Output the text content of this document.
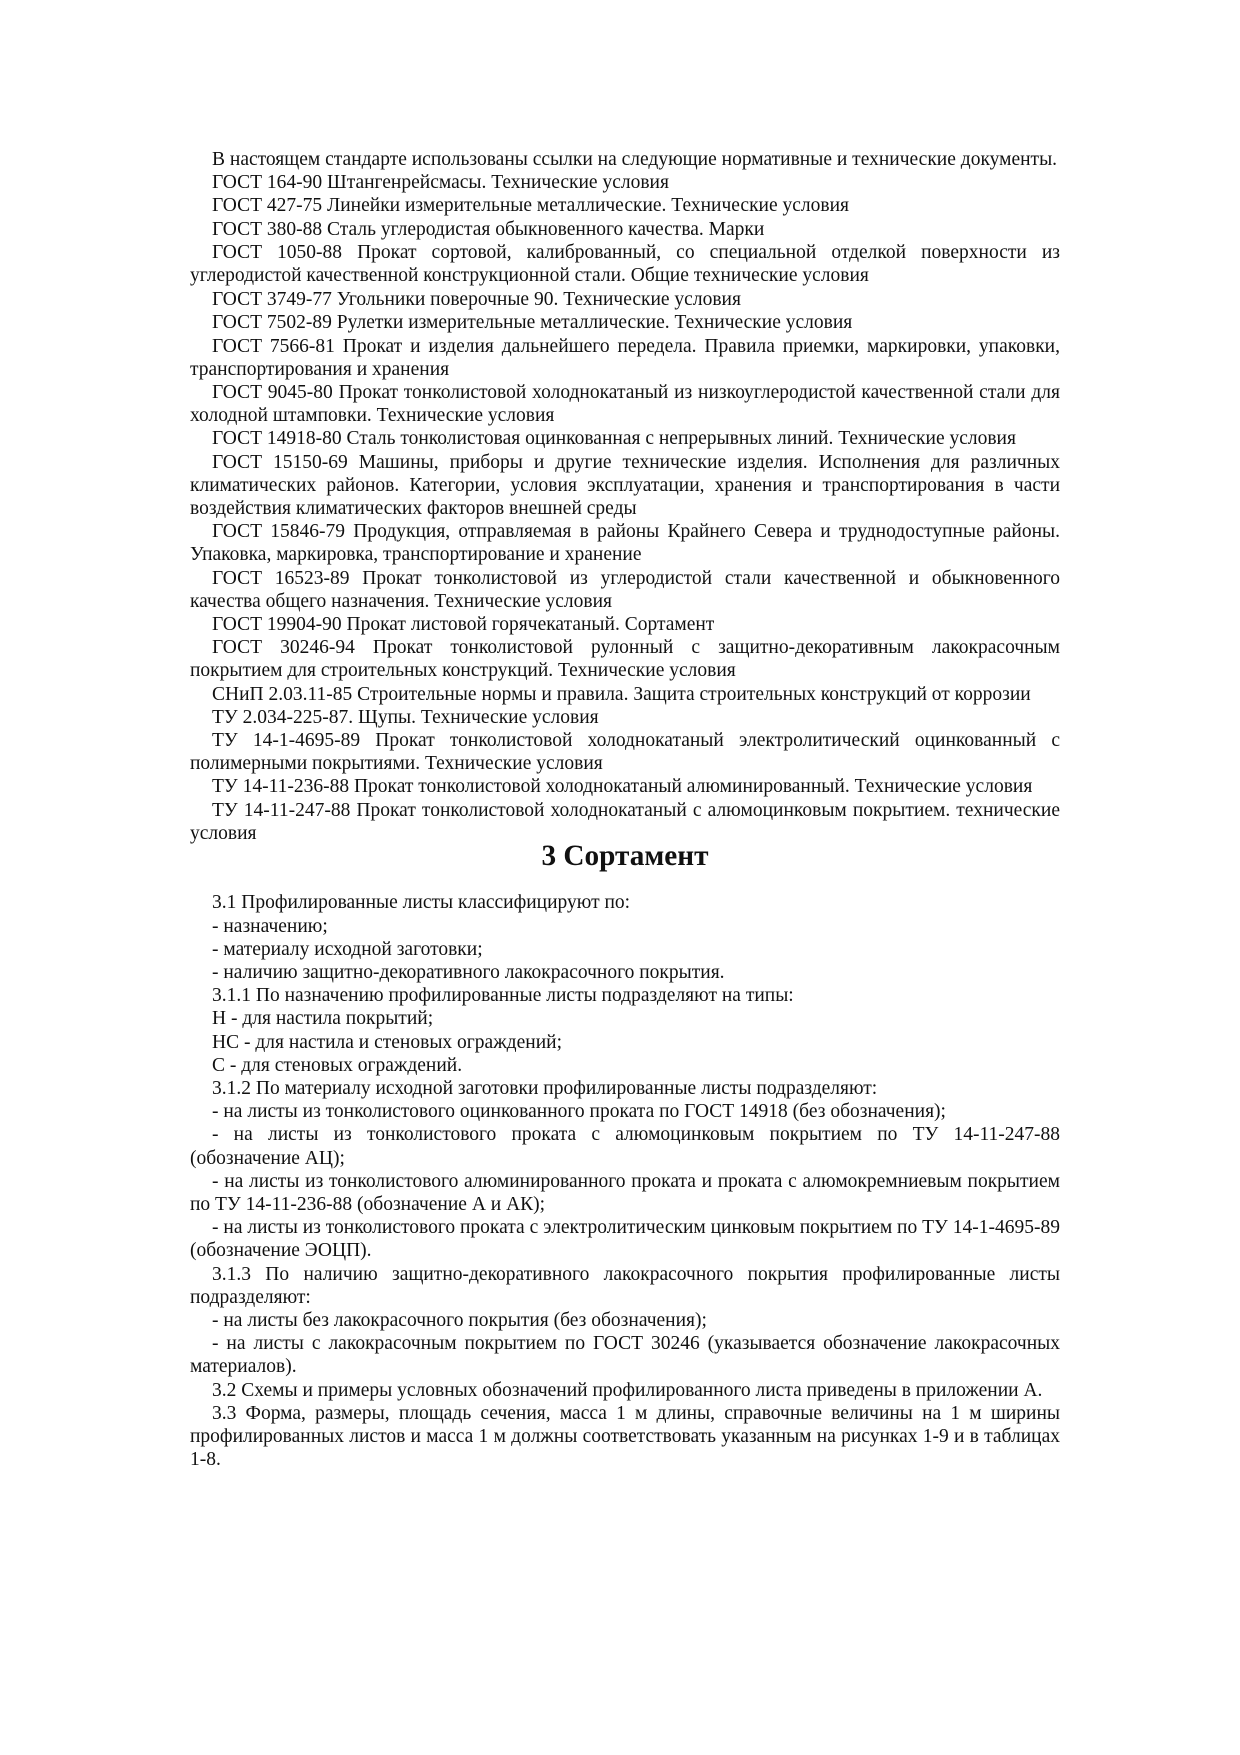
В настоящем стандарте использованы ссылки на следующие нормативные и технические документы.

ГОСТ 164-90 Штангенрейсмасы. Технические условия

ГОСТ 427-75 Линейки измерительные металлические. Технические условия

ГОСТ 380-88 Сталь углеродистая обыкновенного качества. Марки

ГОСТ 1050-88 Прокат сортовой, калиброванный, со специальной отделкой поверхности из углеродистой качественной конструкционной стали. Общие технические условия

ГОСТ 3749-77 Угольники поверочные 90. Технические условия

ГОСТ 7502-89 Рулетки измерительные металлические. Технические условия

ГОСТ 7566-81 Прокат и изделия дальнейшего передела. Правила приемки, маркировки, упаковки, транспортирования и хранения

ГОСТ 9045-80 Прокат тонколистовой холоднокатаный из низкоуглеродистой качественной стали для холодной штамповки. Технические условия

ГОСТ 14918-80 Сталь тонколистовая оцинкованная с непрерывных линий. Технические условия

ГОСТ 15150-69 Машины, приборы и другие технические изделия. Исполнения для различных климатических районов. Категории, условия эксплуатации, хранения и транспортирования в части воздействия климатических факторов внешней среды

ГОСТ 15846-79 Продукция, отправляемая в районы Крайнего Севера и труднодоступные районы. Упаковка, маркировка, транспортирование и хранение

ГОСТ 16523-89 Прокат тонколистовой из углеродистой стали качественной и обыкновенного качества общего назначения. Технические условия

ГОСТ 19904-90 Прокат листовой горячекатаный. Сортамент

ГОСТ 30246-94 Прокат тонколистовой рулонный с защитно-декоративным лакокрасочным покрытием для строительных конструкций. Технические условия

СНиП 2.03.11-85 Строительные нормы и правила. Защита строительных конструкций от коррозии

ТУ 2.034-225-87. Щупы. Технические условия

ТУ 14-1-4695-89 Прокат тонколистовой холоднокатаный электролитический оцинкованный с полимерными покрытиями. Технические условия

ТУ 14-11-236-88 Прокат тонколистовой холоднокатаный алюминированный. Технические условия

ТУ 14-11-247-88 Прокат тонколистовой холоднокатаный с алюмоцинковым покрытием. технические условия

3 Сортамент

3.1 Профилированные листы классифицируют по:

- назначению;

- материалу исходной заготовки;

- наличию защитно-декоративного лакокрасочного покрытия.

3.1.1 По назначению профилированные листы подразделяют на типы:

Н - для настила покрытий;

НС - для настила и стеновых ограждений;

С - для стеновых ограждений.

3.1.2 По материалу исходной заготовки профилированные листы подразделяют:

- на листы из тонколистового оцинкованного проката по ГОСТ 14918 (без обозначения);

- на листы из тонколистового проката с алюмоцинковым покрытием по ТУ 14-11-247-88 (обозначение АЦ);

- на листы из тонколистового алюминированного проката и проката с алюмокремниевым покрытием по ТУ 14-11-236-88 (обозначение А и АК);

- на листы из тонколистового проката с электролитическим цинковым покрытием по ТУ 14-1-4695-89 (обозначение ЭОЦП).

3.1.3 По наличию защитно-декоративного лакокрасочного покрытия профилированные листы подразделяют:

- на листы без лакокрасочного покрытия (без обозначения);

- на листы с лакокрасочным покрытием по ГОСТ 30246 (указывается обозначение лакокрасочных материалов).

3.2 Схемы и примеры условных обозначений профилированного листа приведены в приложении А.

3.3 Форма, размеры, площадь сечения, масса 1 м длины, справочные величины на 1 м ширины профилированных листов и масса 1 м должны соответствовать указанным на рисунках 1-9 и в таблицах 1-8.
